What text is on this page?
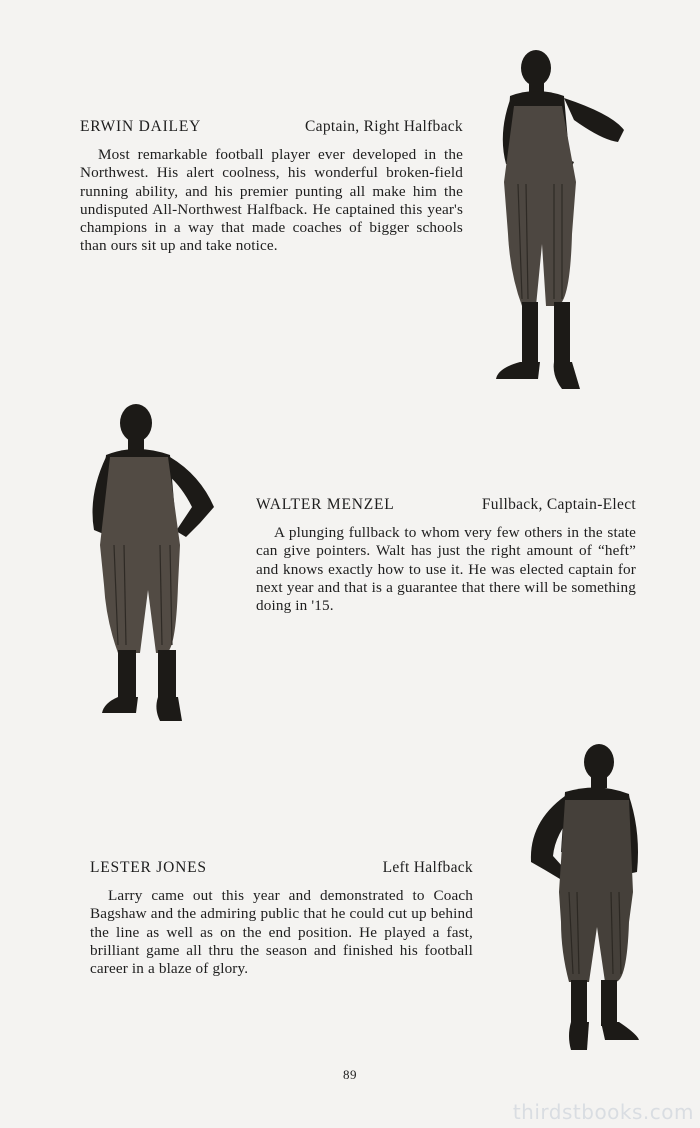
ERWIN DAILEY	Captain, Right Halfback

Most remarkable football player ever developed in the Northwest. His alert coolness, his wonderful broken-field running ability, and his premier punting all make him the undisputed All-Northwest Halfback. He captained this year's champions in a way that made coaches of bigger schools than ours sit up and take notice.

WALTER MENZEL	Fullback, Captain-Elect

A plunging fullback to whom very few others in the state can give pointers. Walt has just the right amount of “heft” and knows exactly how to use it. He was elected captain for next year and that is a guarantee that there will be something doing in '15.

LESTER JONES	Left Halfback

Larry came out this year and demonstrated to Coach Bagshaw and the admiring public that he could cut up behind the line as well as on the end position. He played a fast, brilliant game all thru the season and finished his football career in a blaze of glory.

89
thirdstbooks.com
